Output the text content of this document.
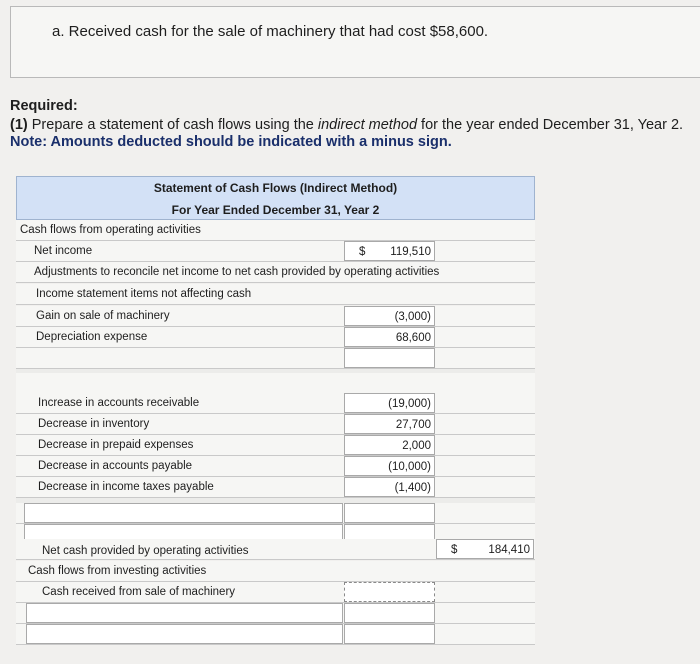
a. Received cash for the sale of machinery that had cost $58,600.
Required:
(1) Prepare a statement of cash flows using the indirect method for the year ended December 31, Year 2.
Note: Amounts deducted should be indicated with a minus sign.
Statement of Cash Flows (Indirect Method)
For Year Ended December 31, Year 2
Cash flows from operating activities
Net income	$ 119,510
Adjustments to reconcile net income to net cash provided by operating activities
Income statement items not affecting cash
Gain on sale of machinery	(3,000)
Depreciation expense	68,600
Increase in accounts receivable	(19,000)
Decrease in inventory	27,700
Decrease in prepaid expenses	2,000
Decrease in accounts payable	(10,000)
Decrease in income taxes payable	(1,400)
Net cash provided by operating activities	$	184,410
Cash flows from investing activities
Cash received from sale of machinery
